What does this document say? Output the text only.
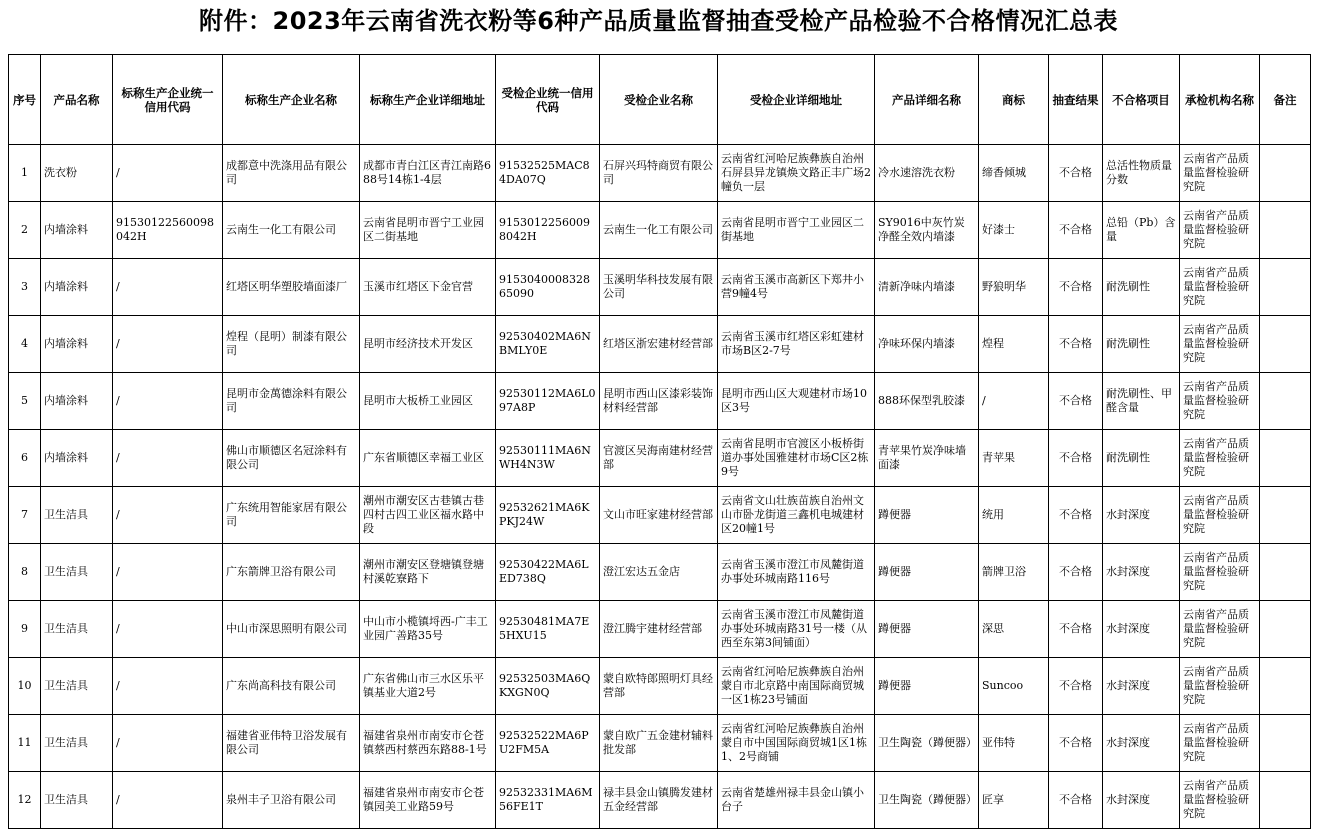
附件：2023年云南省洗衣粉等6种产品质量监督抽查受检产品检验不合格情况汇总表
序号	产品名称	标称生产企业统一信用代码	标称生产企业名称	标称生产企业详细地址	受检企业统一信用代码	受检企业名称	受检企业详细地址	产品详细名称	商标	抽查结果	不合格项目	承检机构名称	备注
1	洗衣粉	/	成都意中洗涤用品有限公司	成都市青白江区青江南路688号14栋1-4层	91532525MAC84DA07Q	石屏兴玛特商贸有限公司	云南省红河哈尼族彝族自治州石屏县异龙镇焕文路正丰广场2幢负一层	冷水速溶洗衣粉	缔香倾城	不合格	总活性物质量分数	云南省产品质量监督检验研究院	
2	内墙涂料	91530122560098042H	云南生一化工有限公司	云南省昆明市晋宁工业园区二街基地	91530122560098042H	云南生一化工有限公司	云南省昆明市晋宁工业园区二街基地	SY9016中灰竹炭净醛全效内墙漆	好漆士	不合格	总铅（Pb）含量	云南省产品质量监督检验研究院	
3	内墙涂料	/	红塔区明华塑胶墙面漆厂	玉溪市红塔区下金官营	915304000832865090	玉溪明华科技发展有限公司	云南省玉溪市高新区下郑井小营9幢4号	清新净味内墙漆	野狼明华	不合格	耐洗刷性	云南省产品质量监督检验研究院	
4	内墙涂料	/	煌程（昆明）制漆有限公司	昆明市经济技术开发区	92530402MA6NBMLY0E	红塔区浙宏建材经营部	云南省玉溪市红塔区彩虹建材市场B区2-7号	净味环保内墙漆	煌程	不合格	耐洗刷性	云南省产品质量监督检验研究院	
5	内墙涂料	/	昆明市金萬德涂料有限公司	昆明市大板桥工业园区	92530112MA6L097A8P	昆明市西山区漆彩装饰材料经营部	昆明市西山区大观建材市场10区3号	888环保型乳胶漆	/	不合格	耐洗刷性、甲醛含量	云南省产品质量监督检验研究院	
6	内墙涂料	/	佛山市顺德区名冠涂料有限公司	广东省顺德区幸福工业区	92530111MA6NWH4N3W	官渡区吴海南建材经营部	云南省昆明市官渡区小板桥街道办事处国雅建材市场C区2栋9号	青苹果竹炭净味墙面漆	青苹果	不合格	耐洗刷性	云南省产品质量监督检验研究院	
7	卫生洁具	/	广东统用智能家居有限公司	潮州市潮安区古巷镇古巷四村古四工业区福水路中段	92532621MA6KPKJ24W	文山市旺家建材经营部	云南省文山壮族苗族自治州文山市卧龙街道三鑫机电城建材区20幢1号	蹲便器	统用	不合格	水封深度	云南省产品质量监督检验研究院	
8	卫生洁具	/	广东箭牌卫浴有限公司	潮州市潮安区登塘镇登塘村溪乾寮路下	92530422MA6LED738Q	澄江宏达五金店	云南省玉溪市澄江市凤麓街道办事处环城南路116号	蹲便器	箭牌卫浴	不合格	水封深度	云南省产品质量监督检验研究院	
9	卫生洁具	/	中山市深思照明有限公司	中山市小榄镇埒西-广丰工业园广善路35号	92530481MA7E5HXU15	澄江腾宇建材经营部	云南省玉溪市澄江市凤麓街道办事处环城南路31号一楼（从西至东第3间铺面）	蹲便器	深思	不合格	水封深度	云南省产品质量监督检验研究院	
10	卫生洁具	/	广东尚高科技有限公司	广东省佛山市三水区乐平镇基业大道2号	92532503MA6QKXGN0Q	蒙自欧特郎照明灯具经营部	云南省红河哈尼族彝族自治州蒙自市北京路中南国际商贸城一区1栋23号铺面	蹲便器	Suncoo	不合格	水封深度	云南省产品质量监督检验研究院	
11	卫生洁具	/	福建省亚伟特卫浴发展有限公司	福建省泉州市南安市仑苍镇蔡西村蔡西东路88-1号	92532522MA6PU2FM5A	蒙自欧广五金建材辅料批发部	云南省红河哈尼族彝族自治州蒙自市中国国际商贸城1区1栋1、2号商铺	卫生陶瓷（蹲便器）	亚伟特	不合格	水封深度	云南省产品质量监督检验研究院	
12	卫生洁具	/	泉州丰子卫浴有限公司	福建省泉州市南安市仑苍镇园美工业路59号	92532331MA6M56FE1T	禄丰县金山镇腾发建材五金经营部	云南省楚雄州禄丰县金山镇小台子	卫生陶瓷（蹲便器）	匠享	不合格	水封深度	云南省产品质量监督检验研究院	
